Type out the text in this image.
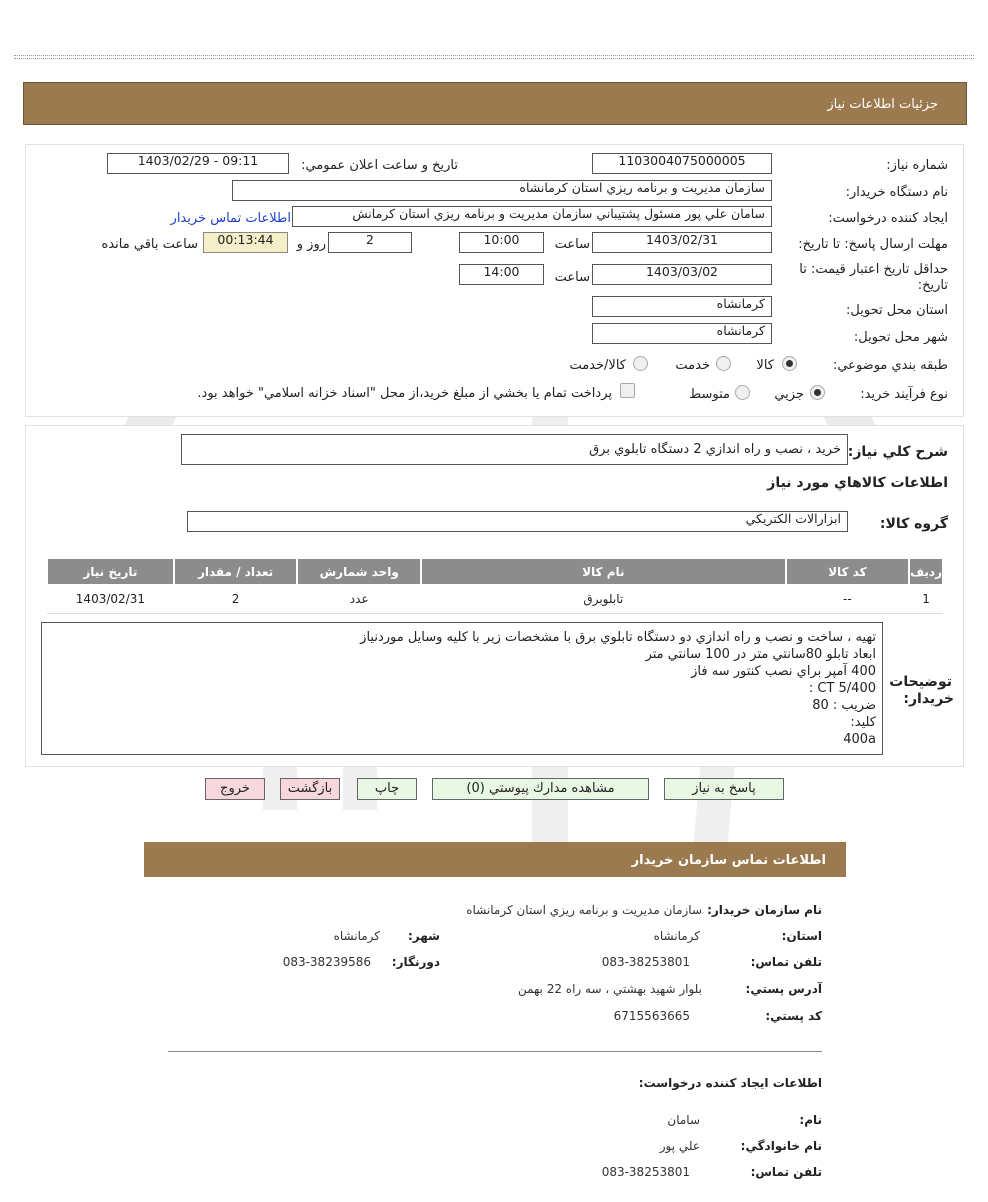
جزئيات اطلاعات نياز
شماره نياز:
1103004075000005
تاريخ و ساعت اعلان عمومي:
1403/02/29 - 09:11
نام دستگاه خريدار:
سازمان مديريت و برنامه ريزي استان كرمانشاه
ايجاد كننده درخواست:
سامان علي پور مسئول پشتيباني سازمان مديريت و برنامه ريزي استان كرمانش
اطلاعات تماس خريدار
مهلت ارسال پاسخ: تا تاريخ:
1403/02/31
ساعت
10:00
2
روز و
00:13:44
ساعت باقي مانده
حداقل تاريخ اعتبار قيمت: تا
تاريخ:
1403/03/02
ساعت
14:00
استان محل تحويل:
كرمانشاه
شهر محل تحويل:
كرمانشاه
طبقه بندي موضوعي:
كالا
خدمت
كالا/خدمت
نوع فرآيند خريد:
جزيي
متوسط
پرداخت تمام يا بخشي از مبلغ خريد،از محل "اسناد خزانه اسلامي" خواهد بود.
شرح كلي نياز:
خريد ، نصب و راه اندازي 2 دستگاه تابلوي برق
اطلاعات كالاهاي مورد نياز
گروه كالا:
ابزارالات الكتريكي
رديف	كد كالا	نام كالا	واحد شمارش	تعداد / مقدار	تاريخ نياز
1	--	تابلوبرق	عدد	2	1403/02/31
توضيحات
خريدار:
تهيه ، ساخت و نصب و راه اندازي دو دستگاه تابلوي برق با مشخصات زير با كليه وسايل موردنياز
ابعاد تابلو 80سانتي متر در 100 سانتي متر
400 آمپر براي نصب كنتور سه فاز
CT 5/400 :
ضريب : 80
كليد:
400a
پاسخ به نياز
مشاهده مدارك پيوستي (0)
چاپ
بازگشت
خروج
اطلاعات تماس سازمان خريدار
نام سازمان خريدار:
سازمان مديريت و برنامه ريزي استان كرمانشاه
استان:
كرمانشاه
شهر:
كرمانشاه
تلفن تماس:
083-38253801
دورنگار:
083-38239586
آدرس پستي:
بلوار شهيد بهشتي ، سه راه 22 بهمن
كد پستي:
6715563665
اطلاعات ايجاد كننده درخواست:
نام:
سامان
نام خانوادگي:
علي پور
تلفن تماس:
083-38253801
